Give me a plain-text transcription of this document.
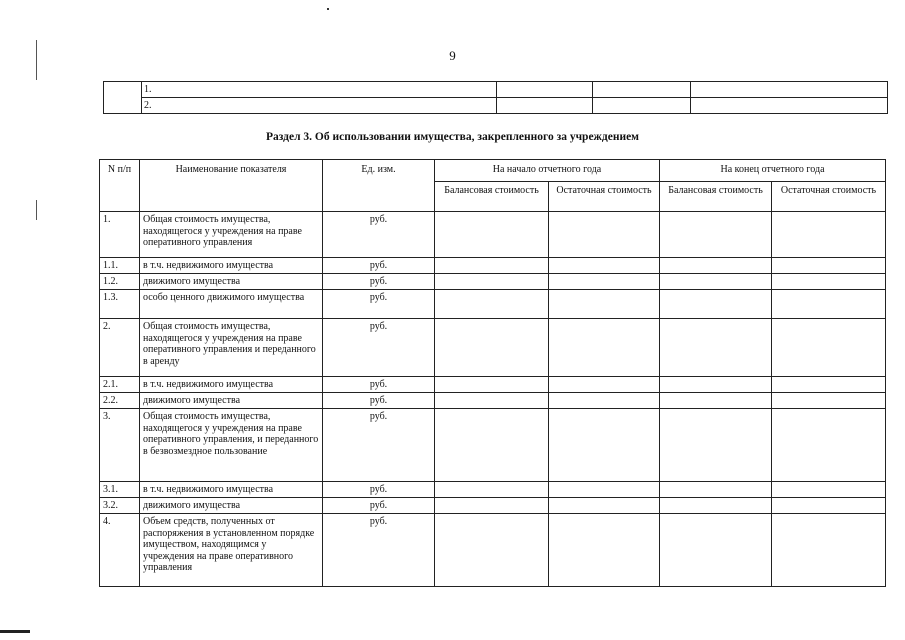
9
	1.			
	2.			
Раздел 3. Об использовании имущества, закрепленного за учреждением
N п/п	Наименование показателя	Ед. изм.	На начало отчетного года		На конец отчетного года	
			Балансовая стоимость	Остаточная стоимость	Балансовая стоимость	Остаточная стоимость
1.	Общая стоимость имущества, находящегося у учреждения на праве оперативного управления	руб.				
1.1.	в т.ч. недвижимого имущества	руб.				
1.2.	движимого имущества	руб.				
1.3.	особо ценного движимого имущества	руб.				
2.	Общая стоимость имущества, находящегося у учреждения на праве оперативного управления и переданного в аренду	руб.				
2.1.	в т.ч. недвижимого имущества	руб.				
2.2.	движимого имущества	руб.				
3.	Общая стоимость имущества, находящегося у учреждения на праве оперативного управления, и переданного в безвозмездное пользование	руб.				
3.1.	в т.ч. недвижимого имущества	руб.				
3.2.	движимого имущества	руб.				
4.	Объем средств, полученных от распоряжения в установленном порядке имуществом, находящимся у учреждения на праве оперативного управления	руб.				
